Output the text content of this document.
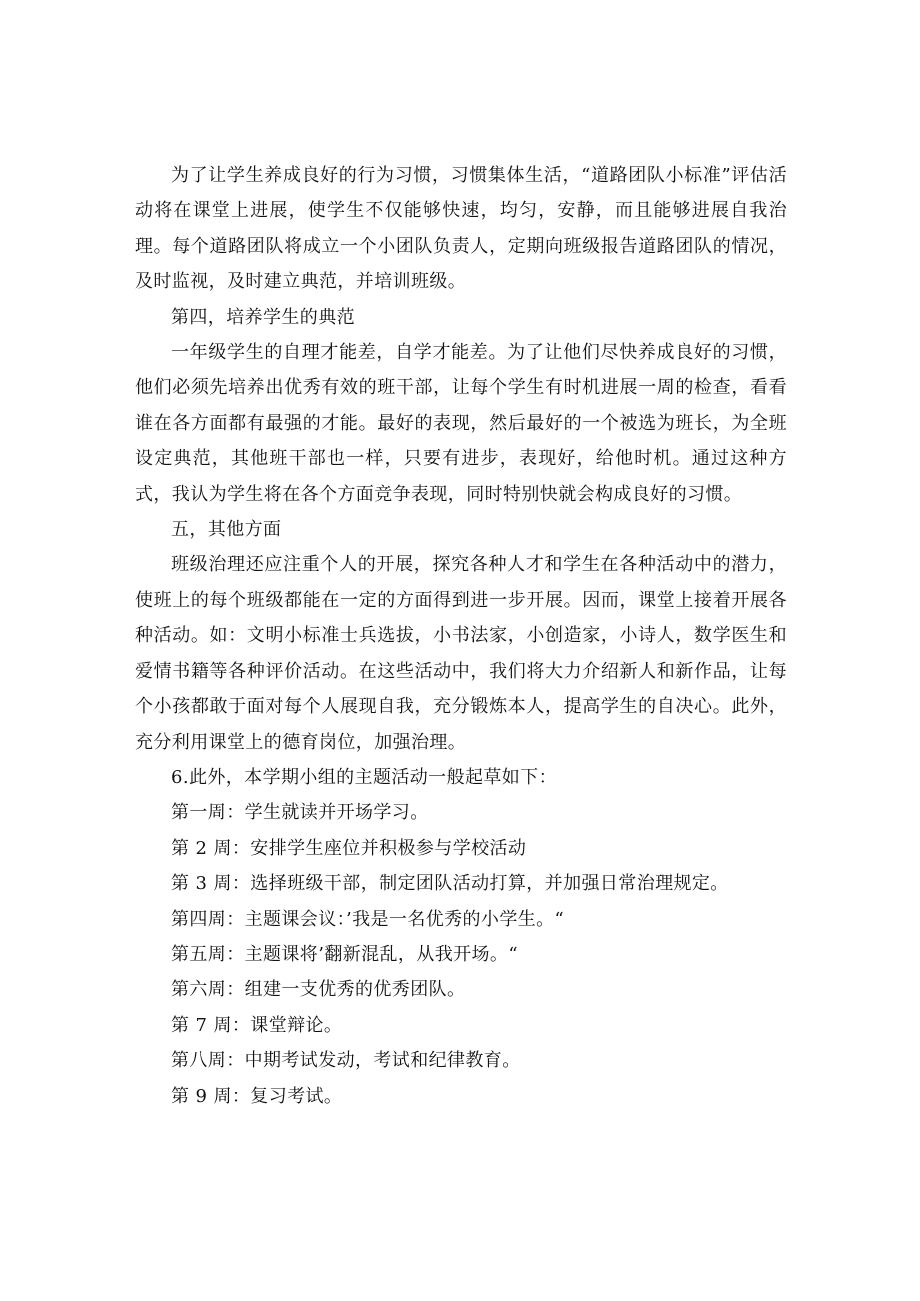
为了让学生养成良好的行为习惯，习惯集体生活，“道路团队小标准”评估活动将在课堂上进展，使学生不仅能够快速，均匀，安静，而且能够进展自我治理。每个道路团队将成立一个小团队负责人，定期向班级报告道路团队的情况，及时监视，及时建立典范，并培训班级。

第四，培养学生的典范

一年级学生的自理才能差，自学才能差。为了让他们尽快养成良好的习惯，他们必须先培养出优秀有效的班干部，让每个学生有时机进展一周的检查，看看谁在各方面都有最强的才能。最好的表现，然后最好的一个被选为班长，为全班设定典范，其他班干部也一样，只要有进步，表现好，给他时机。通过这种方式，我认为学生将在各个方面竞争表现，同时特别快就会构成良好的习惯。

五，其他方面

班级治理还应注重个人的开展，探究各种人才和学生在各种活动中的潜力，使班上的每个班级都能在一定的方面得到进一步开展。因而，课堂上接着开展各种活动。如：文明小标准士兵选拔，小书法家，小创造家，小诗人，数学医生和爱情书籍等各种评价活动。在这些活动中，我们将大力介绍新人和新作品，让每个小孩都敢于面对每个人展现自我，充分锻炼本人，提高学生的自决心。此外，充分利用课堂上的德育岗位，加强治理。

6.此外，本学期小组的主题活动一般起草如下：

第一周：学生就读并开场学习。
第 2 周：安排学生座位并积极参与学校活动
第 3 周：选择班级干部，制定团队活动打算，并加强日常治理规定。
第四周：主题课会议：’我是一名优秀的小学生。“
第五周：主题课将’翻新混乱，从我开场。“
第六周：组建一支优秀的优秀团队。
第 7 周：课堂辩论。
第八周：中期考试发动，考试和纪律教育。
第 9 周：复习考试。
